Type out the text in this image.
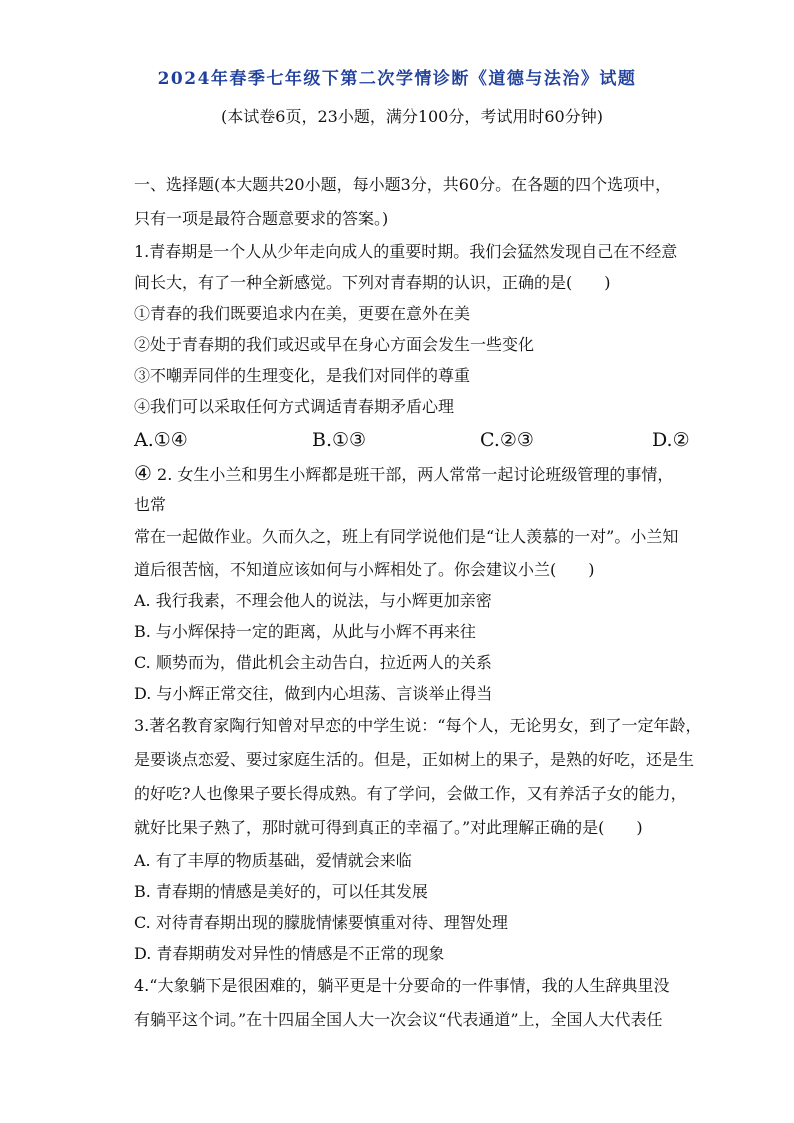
2024年春季七年级下第二次学情诊断《道德与法治》试题
(本试卷6页，23小题，满分100分，考试用时60分钟)
一、选择题(本大题共20小题，每小题3分，共60分。在各题的四个选项中，
只有一项是最符合题意要求的答案。)
1.青春期是一个人从少年走向成人的重要时期。我们会猛然发现自己在不经意
间长大，有了一种全新感觉。下列对青春期的认识，正确的是(　　)
①青春的我们既要追求内在美，更要在意外在美
②处于青春期的我们或迟或早在身心方面会发生一些变化
③不嘲弄同伴的生理变化，是我们对同伴的尊重
④我们可以采取任何方式调适青春期矛盾心理
A.①④	B.①③	C.②③	D.②
④ 2. 女生小兰和男生小辉都是班干部，两人常常一起讨论班级管理的事情，
也常
常在一起做作业。久而久之，班上有同学说他们是“让人羡慕的一对”。小兰知
道后很苦恼，不知道应该如何与小辉相处了。你会建议小兰(　　)
A. 我行我素，不理会他人的说法，与小辉更加亲密
B. 与小辉保持一定的距离，从此与小辉不再来往
C. 顺势而为，借此机会主动告白，拉近两人的关系
D. 与小辉正常交往，做到内心坦荡、言谈举止得当
3.著名教育家陶行知曾对早恋的中学生说：“每个人，无论男女，到了一定年龄，
是要谈点恋爱、要过家庭生活的。但是，正如树上的果子，是熟的好吃，还是生
的好吃?人也像果子要长得成熟。有了学问，会做工作，又有养活子女的能力，
就好比果子熟了，那时就可得到真正的幸福了。”对此理解正确的是(　　)
A. 有了丰厚的物质基础，爱情就会来临
B. 青春期的情感是美好的，可以任其发展
C. 对待青春期出现的朦胧情愫要慎重对待、理智处理
D. 青春期萌发对异性的情感是不正常的现象
4.“大象躺下是很困难的，躺平更是十分要命的一件事情，我的人生辞典里没
有躺平这个词。”在十四届全国人大一次会议“代表通道”上，全国人大代表任
